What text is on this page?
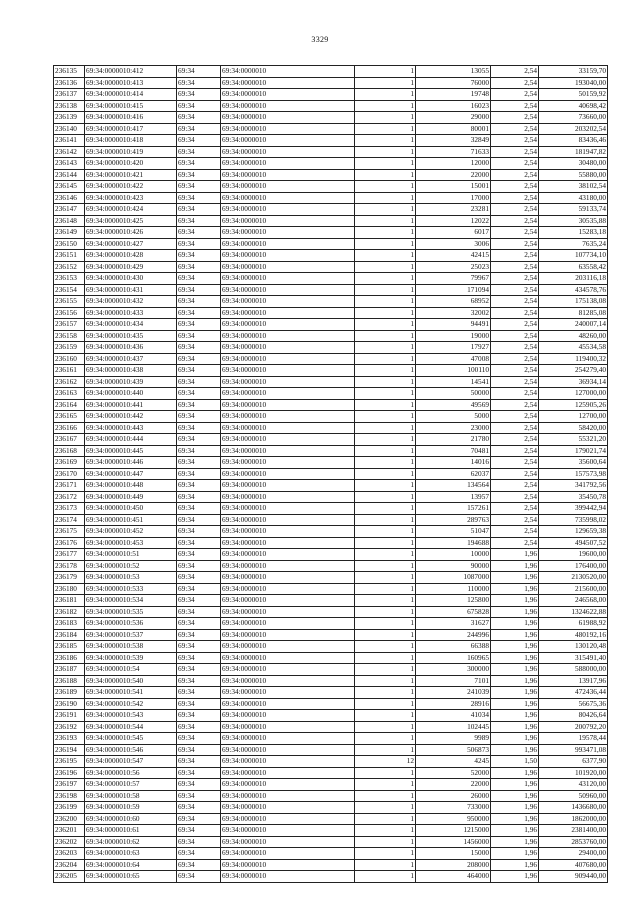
3329
236135	69:34:0000010:412	69:34	69:34:0000010	1	13055	2,54	33159,70
236136	69:34:0000010:413	69:34	69:34:0000010	1	76000	2,54	193040,00
236137	69:34:0000010:414	69:34	69:34:0000010	1	19748	2,54	50159,92
236138	69:34:0000010:415	69:34	69:34:0000010	1	16023	2,54	40698,42
236139	69:34:0000010:416	69:34	69:34:0000010	1	29000	2,54	73660,00
236140	69:34:0000010:417	69:34	69:34:0000010	1	80001	2,54	203202,54
236141	69:34:0000010:418	69:34	69:34:0000010	1	32849	2,54	83436,46
236142	69:34:0000010:419	69:34	69:34:0000010	1	71633	2,54	181947,82
236143	69:34:0000010:420	69:34	69:34:0000010	1	12000	2,54	30480,00
236144	69:34:0000010:421	69:34	69:34:0000010	1	22000	2,54	55880,00
236145	69:34:0000010:422	69:34	69:34:0000010	1	15001	2,54	38102,54
236146	69:34:0000010:423	69:34	69:34:0000010	1	17000	2,54	43180,00
236147	69:34:0000010:424	69:34	69:34:0000010	1	23281	2,54	59133,74
236148	69:34:0000010:425	69:34	69:34:0000010	1	12022	2,54	30535,88
236149	69:34:0000010:426	69:34	69:34:0000010	1	6017	2,54	15283,18
236150	69:34:0000010:427	69:34	69:34:0000010	1	3006	2,54	7635,24
236151	69:34:0000010:428	69:34	69:34:0000010	1	42415	2,54	107734,10
236152	69:34:0000010:429	69:34	69:34:0000010	1	25023	2,54	63558,42
236153	69:34:0000010:430	69:34	69:34:0000010	1	79967	2,54	203116,18
236154	69:34:0000010:431	69:34	69:34:0000010	1	171094	2,54	434578,76
236155	69:34:0000010:432	69:34	69:34:0000010	1	68952	2,54	175138,08
236156	69:34:0000010:433	69:34	69:34:0000010	1	32002	2,54	81285,08
236157	69:34:0000010:434	69:34	69:34:0000010	1	94491	2,54	240007,14
236158	69:34:0000010:435	69:34	69:34:0000010	1	19000	2,54	48260,00
236159	69:34:0000010:436	69:34	69:34:0000010	1	17927	2,54	45534,58
236160	69:34:0000010:437	69:34	69:34:0000010	1	47008	2,54	119400,32
236161	69:34:0000010:438	69:34	69:34:0000010	1	100110	2,54	254279,40
236162	69:34:0000010:439	69:34	69:34:0000010	1	14541	2,54	36934,14
236163	69:34:0000010:440	69:34	69:34:0000010	1	50000	2,54	127000,00
236164	69:34:0000010:441	69:34	69:34:0000010	1	49569	2,54	125905,26
236165	69:34:0000010:442	69:34	69:34:0000010	1	5000	2,54	12700,00
236166	69:34:0000010:443	69:34	69:34:0000010	1	23000	2,54	58420,00
236167	69:34:0000010:444	69:34	69:34:0000010	1	21780	2,54	55321,20
236168	69:34:0000010:445	69:34	69:34:0000010	1	70481	2,54	179021,74
236169	69:34:0000010:446	69:34	69:34:0000010	1	14016	2,54	35600,64
236170	69:34:0000010:447	69:34	69:34:0000010	1	62037	2,54	157573,98
236171	69:34:0000010:448	69:34	69:34:0000010	1	134564	2,54	341792,56
236172	69:34:0000010:449	69:34	69:34:0000010	1	13957	2,54	35450,78
236173	69:34:0000010:450	69:34	69:34:0000010	1	157261	2,54	399442,94
236174	69:34:0000010:451	69:34	69:34:0000010	1	289763	2,54	735998,02
236175	69:34:0000010:452	69:34	69:34:0000010	1	51047	2,54	129659,38
236176	69:34:0000010:453	69:34	69:34:0000010	1	194688	2,54	494507,52
236177	69:34:0000010:51	69:34	69:34:0000010	1	10000	1,96	19600,00
236178	69:34:0000010:52	69:34	69:34:0000010	1	90000	1,96	176400,00
236179	69:34:0000010:53	69:34	69:34:0000010	1	1087000	1,96	2130520,00
236180	69:34:0000010:533	69:34	69:34:0000010	1	110000	1,96	215600,00
236181	69:34:0000010:534	69:34	69:34:0000010	1	125800	1,96	246568,00
236182	69:34:0000010:535	69:34	69:34:0000010	1	675828	1,96	1324622,88
236183	69:34:0000010:536	69:34	69:34:0000010	1	31627	1,96	61988,92
236184	69:34:0000010:537	69:34	69:34:0000010	1	244996	1,96	480192,16
236185	69:34:0000010:538	69:34	69:34:0000010	1	66388	1,96	130120,48
236186	69:34:0000010:539	69:34	69:34:0000010	1	160965	1,96	315491,40
236187	69:34:0000010:54	69:34	69:34:0000010	1	300000	1,96	588000,00
236188	69:34:0000010:540	69:34	69:34:0000010	1	7101	1,96	13917,96
236189	69:34:0000010:541	69:34	69:34:0000010	1	241039	1,96	472436,44
236190	69:34:0000010:542	69:34	69:34:0000010	1	28916	1,96	56675,36
236191	69:34:0000010:543	69:34	69:34:0000010	1	41034	1,96	80426,64
236192	69:34:0000010:544	69:34	69:34:0000010	1	102445	1,96	200792,20
236193	69:34:0000010:545	69:34	69:34:0000010	1	9989	1,96	19578,44
236194	69:34:0000010:546	69:34	69:34:0000010	1	506873	1,96	993471,08
236195	69:34:0000010:547	69:34	69:34:0000010	12	4245	1,50	6377,90
236196	69:34:0000010:56	69:34	69:34:0000010	1	52000	1,96	101920,00
236197	69:34:0000010:57	69:34	69:34:0000010	1	22000	1,96	43120,00
236198	69:34:0000010:58	69:34	69:34:0000010	1	26000	1,96	50960,00
236199	69:34:0000010:59	69:34	69:34:0000010	1	733000	1,96	1436680,00
236200	69:34:0000010:60	69:34	69:34:0000010	1	950000	1,96	1862000,00
236201	69:34:0000010:61	69:34	69:34:0000010	1	1215000	1,96	2381400,00
236202	69:34:0000010:62	69:34	69:34:0000010	1	1456000	1,96	2853760,00
236203	69:34:0000010:63	69:34	69:34:0000010	1	15000	1,96	29400,00
236204	69:34:0000010:64	69:34	69:34:0000010	1	208000	1,96	407680,00
236205	69:34:0000010:65	69:34	69:34:0000010	1	464000	1,96	909440,00
